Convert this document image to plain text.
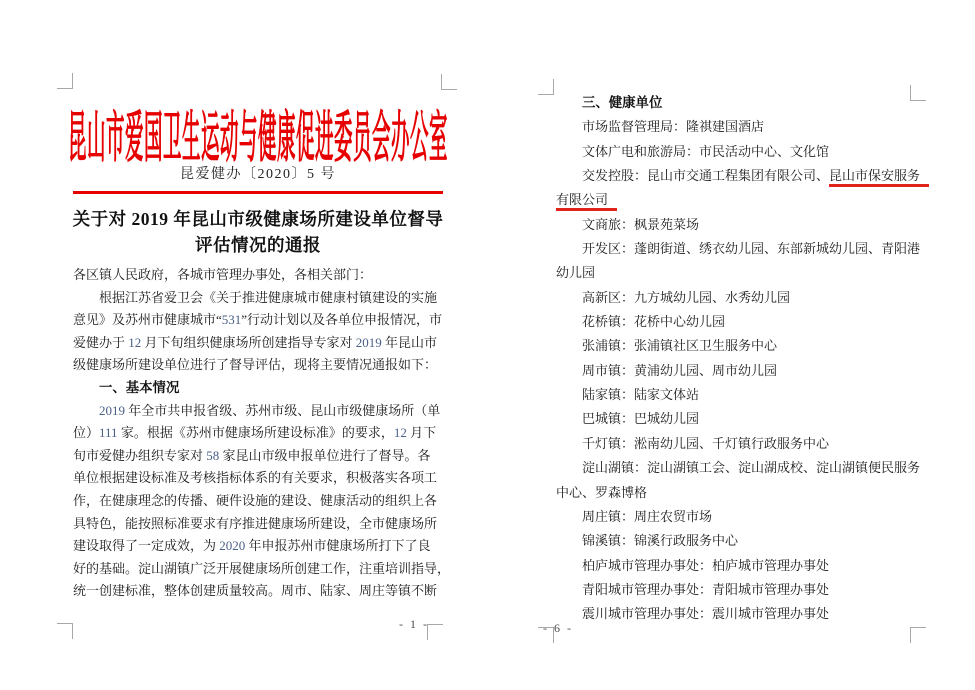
昆山市爱国卫生运动与健康促进委员会办公室
昆爱健办〔2020〕5 号
关于对 2019 年昆山市级健康场所建设单位督导
评估情况的通报
各区镇人民政府，各城市管理办事处，各相关部门：
根据江苏省爱卫会《关于推进健康城市健康村镇建设的实施
意见》及苏州市健康城市“531”行动计划以及各单位申报情况，市
爱健办于 12 月下旬组织健康场所创建指导专家对 2019 年昆山市
级健康场所建设单位进行了督导评估，现将主要情况通报如下：
一、基本情况
2019 年全市共申报省级、苏州市级、昆山市级健康场所（单
位）111 家。根据《苏州市健康场所建设标准》的要求，12 月下
旬市爱健办组织专家对 58 家昆山市级申报单位进行了督导。各
单位根据建设标准及考核指标体系的有关要求，积极落实各项工
作，在健康理念的传播、硬件设施的建设、健康活动的组织上各
具特色，能按照标准要求有序推进健康场所建设，全市健康场所
建设取得了一定成效，为 2020 年申报苏州市健康场所打下了良
好的基础。淀山湖镇广泛开展健康场所创建工作，注重培训指导，
统一创建标准，整体创建质量较高。周市、陆家、周庄等镇不断
- 1 -
三、健康单位
市场监督管理局：隆祺建国酒店
文体广电和旅游局：市民活动中心、文化馆
交发控股：昆山市交通工程集团有限公司、昆山市保安服务
有限公司
文商旅：枫景苑菜场
开发区：蓬朗街道、绣衣幼儿园、东部新城幼儿园、青阳港
幼儿园
高新区：九方城幼儿园、水秀幼儿园
花桥镇：花桥中心幼儿园
张浦镇：张浦镇社区卫生服务中心
周市镇：黄浦幼儿园、周市幼儿园
陆家镇：陆家文体站
巴城镇：巴城幼儿园
千灯镇：淞南幼儿园、千灯镇行政服务中心
淀山湖镇：淀山湖镇工会、淀山湖成校、淀山湖镇便民服务
中心、罗森博格
周庄镇：周庄农贸市场
锦溪镇：锦溪行政服务中心
柏庐城市管理办事处：柏庐城市管理办事处
青阳城市管理办事处：青阳城市管理办事处
震川城市管理办事处：震川城市管理办事处
- 6 -
